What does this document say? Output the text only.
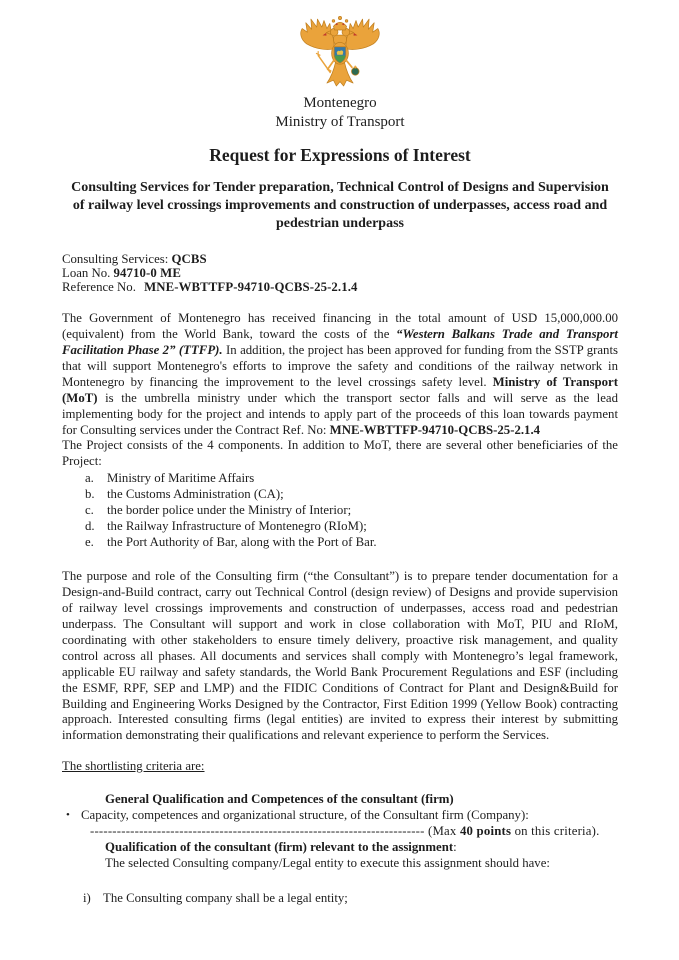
Montenegro
Ministry of Transport
Request for Expressions of Interest
Consulting Services for Tender preparation, Technical Control of Designs and Supervision of railway level crossings improvements and construction of underpasses, access road and pedestrian underpass
Consulting Services: QCBS
Loan No. 94710-0 ME
Reference No. MNE-WBTTFP-94710-QCBS-25-2.1.4

The Government of Montenegro has received financing in the total amount of USD 15,000,000.00 (equivalent) from the World Bank, toward the costs of the “Western Balkans Trade and Transport Facilitation Phase 2” (TTFP). In addition, the project has been approved for funding from the SSTP grants that will support Montenegro's efforts to improve the safety and conditions of the railway network in Montenegro by financing the improvement to the level crossings safety level. Ministry of Transport (MoT) is the umbrella ministry under which the transport sector falls and will serve as the lead implementing body for the project and intends to apply part of the proceeds of this loan towards payment for Consulting services under the Contract Ref. No: MNE-WBTTFP-94710-QCBS-25-2.1.4

The Project consists of the 4 components. In addition to MoT, there are several other beneficiaries of the Project:

a.	Ministry of Maritime Affairs
b. the Customs Administration (CA);
c.	the border police under the Ministry of Interior;
d. the Railway Infrastructure of Montenegro (RIoM);
e.	the Port Authority of Bar, along with the Port of Bar.

The purpose and role of the Consulting firm (“the Consultant”) is to prepare tender documentation for a Design-and-Build contract, carry out Technical Control (design review) of Designs and provide supervision of railway level crossings improvements and construction of underpasses, access road and pedestrian underpass. The Consultant will support and work in close collaboration with MoT, PIU and RIoM, coordinating with other stakeholders to ensure timely delivery, proactive risk management, and quality control across all phases. All documents and services shall comply with Montenegro’s legal framework, applicable EU railway and safety standards, the World Bank Procurement Regulations and ESF (including the ESMF, RPF, SEP and LMP) and the FIDIC Conditions of Contract for Plant and Design&Build for Building and Engineering Works Designed by the Contractor, First Edition 1999 (Yellow Book) contracting approach. Interested consulting firms (legal entities) are invited to express their interest by submitting information demonstrating their qualifications and relevant experience to perform the Services.

The shortlisting criteria are:

General Qualification and Competences of the consultant (firm)
• Capacity, competences and organizational structure, of the Consultant firm (Company):
--------------------------------------------------------------------------- (Max 40 points on this criteria).
Qualification of the consultant (firm) relevant to the assignment:
The selected Consulting company/Legal entity to execute this assignment should have:
i) The Consulting company shall be a legal entity;
